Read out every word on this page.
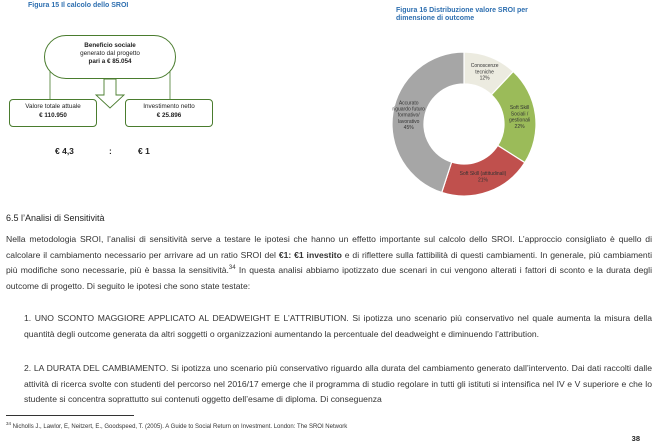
Figura 15 Il calcolo dello SROI
Beneficio sociale
generato dal progetto
pari a € 85.054
Valore totale attuale
€ 110.950
Investimento netto
€ 25.896
€ 4,3	:	€ 1
Figura 16 Distribuzione valore SROI per dimensione di outcome
Conoscenze tecniche 12%
Soft Skill Sociali / gestionali 22%
Soft Skill (attitudinali) 21%
Accurato riguardo futuro formativo/ lavorativo 45%
6.5 l’Analisi di Sensitività
Nella metodologia SROI, l’analisi di sensitività serve a testare le ipotesi che hanno un effetto importante sul calcolo dello SROI. L’approccio consigliato è quello di calcolare il cambiamento necessario per arrivare ad un ratio SROI del €1: €1 investito e di riflettere sulla fattibilità di questi cambiamenti. In generale, più cambiamenti più modifiche sono necessarie, più è bassa la sensitività.$^{34}$ In questa analisi abbiamo ipotizzato due scenari in cui vengono alterati i fattori di sconto e la durata degli outcome di progetto. Di seguito le ipotesi che sono state testate:
1. UNO SCONTO MAGGIORE APPLICATO AL DEADWEIGHT E L’ATTRIBUTION. Si ipotizza uno scenario più conservativo nel quale aumenta la misura della quantità degli outcome generata da altri soggetti o organizzazioni aumentando la percentuale del deadweight e diminuendo l’attribution.
2. LA DURATA DEL CAMBIAMENTO. Si ipotizza uno scenario più conservativo riguardo alla durata del cambiamento generato dall’intervento. Dai dati raccolti dalle attività di ricerca svolte con studenti del percorso nel 2016/17 emerge che il programma di studio regolare in tutti gli istituti si intensifica nel IV e V superiore e che lo studente si concentra soprattutto sui contenuti oggetto dell’esame di diploma. Di conseguenza
$^{34}$ Nicholls J., Lawlor, E, Neitzert, E., Goodspeed, T. (2005). A Guide to Social Return on Investment. London: The SROI Network
38
